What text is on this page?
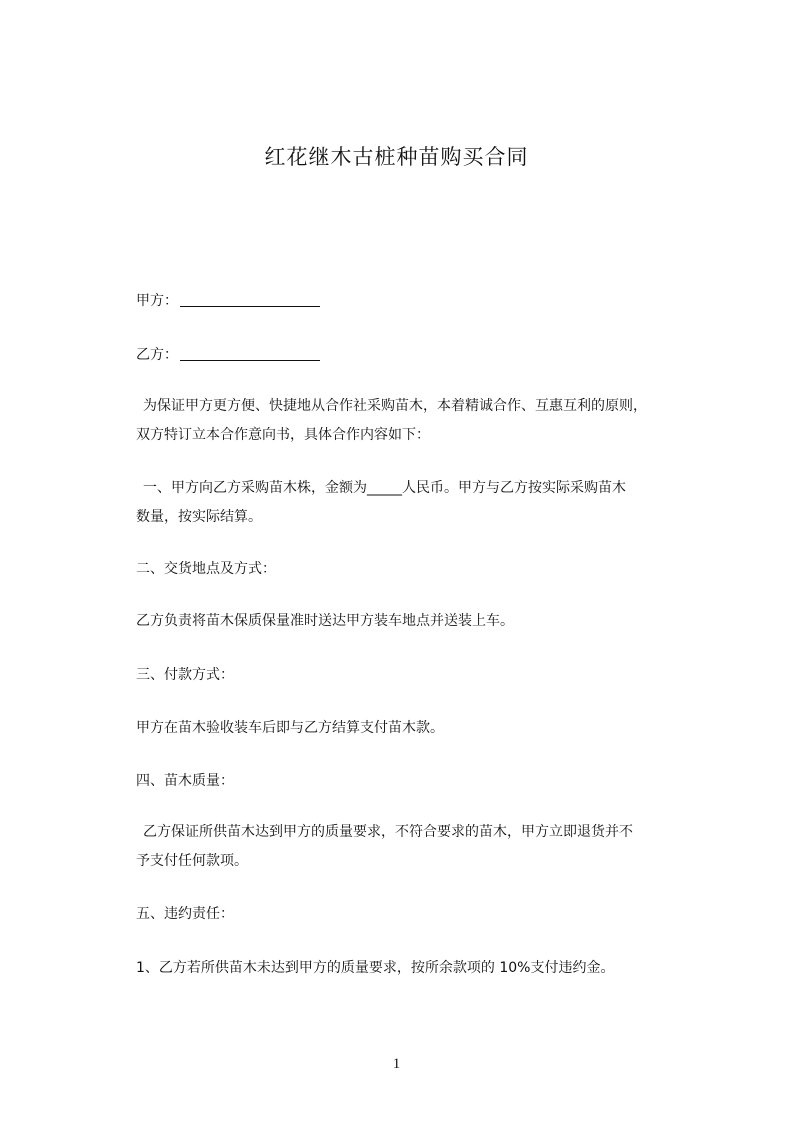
红花继木古桩种苗购买合同
甲方：
乙方：
为保证甲方更方便、快捷地从合作社采购苗木，本着精诚合作、互惠互利的原则，
双方特订立本合作意向书，具体合作内容如下：
一、甲方向乙方采购苗木株，金额为_____人民币。甲方与乙方按实际采购苗木
数量，按实际结算。
二、交货地点及方式：
乙方负责将苗木保质保量准时送达甲方装车地点并送装上车。
三、付款方式：
甲方在苗木验收装车后即与乙方结算支付苗木款。
四、苗木质量：
乙方保证所供苗木达到甲方的质量要求，不符合要求的苗木，甲方立即退货并不
予支付任何款项。
五、违约责任：
1、乙方若所供苗木未达到甲方的质量要求，按所余款项的 10%支付违约金。
1
